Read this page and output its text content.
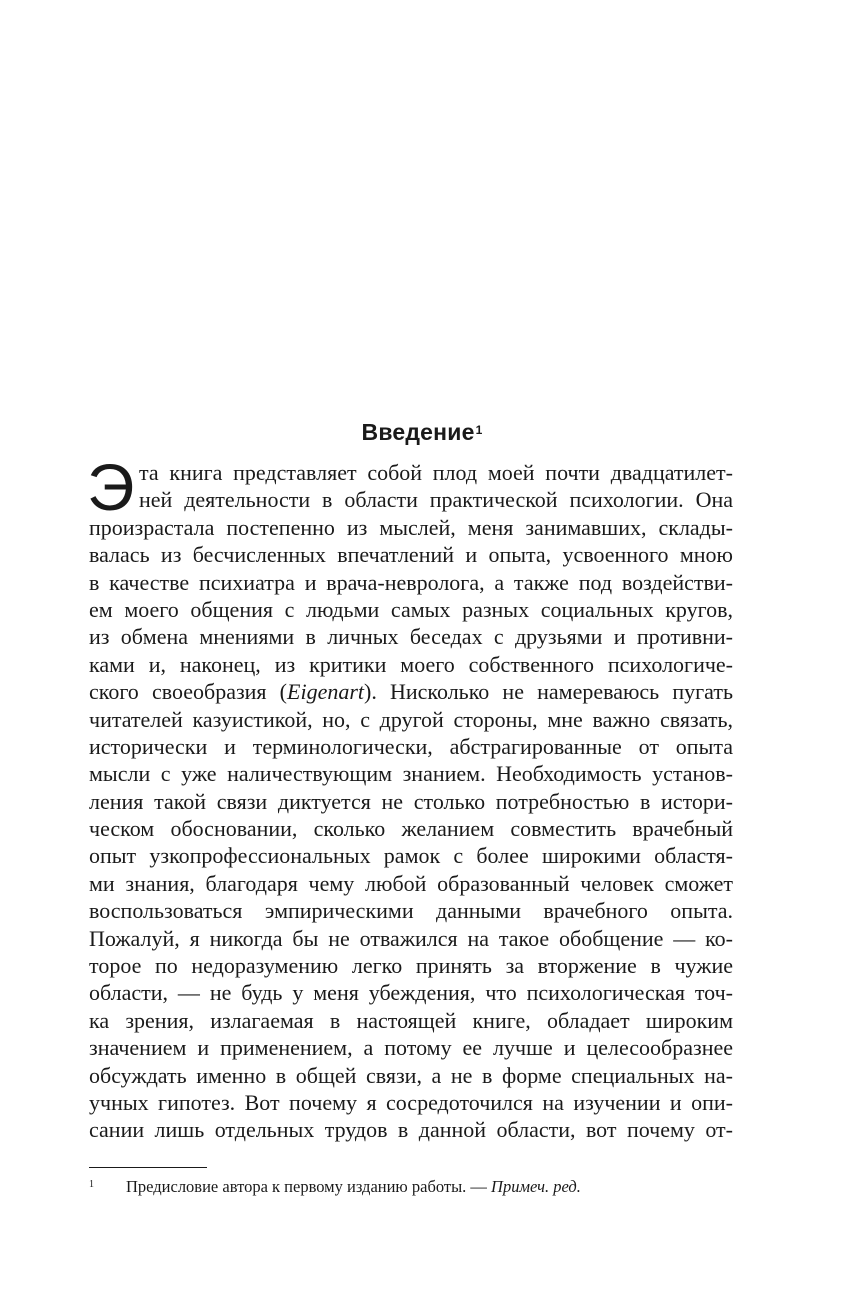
Введение$^1$
Э та книга представляет собой плод моей почти двадцатилет-
ней деятельности в области практической психологии. Она
произрастала постепенно из мыслей, меня занимавших, склады-
валась из бесчисленных впечатлений и опыта, усвоенного мною
в качестве психиатра и врача-невролога, а также под воздействи-
ем моего общения с людьми самых разных социальных кругов,
из обмена мнениями в личных беседах с друзьями и противни-
ками и, наконец, из критики моего собственного психологиче-
ского своеобразия (Eigenart). Нисколько не намереваюсь пугать
читателей казуистикой, но, с другой стороны, мне важно связать,
исторически и терминологически, абстрагированные от опыта
мысли с уже наличествующим знанием. Необходимость установ-
ления такой связи диктуется не столько потребностью в истори-
ческом обосновании, сколько желанием совместить врачебный
опыт узкопрофессиональных рамок с более широкими областя-
ми знания, благодаря чему любой образованный человек сможет
воспользоваться эмпирическими данными врачебного опыта.
Пожалуй, я никогда бы не отважился на такое обобщение — ко-
торое по недоразумению легко принять за вторжение в чужие
области, — не будь у меня убеждения, что психологическая точ-
ка зрения, излагаемая в настоящей книге, обладает широким
значением и применением, а потому ее лучше и целесообразнее
обсуждать именно в общей связи, а не в форме специальных на-
учных гипотез. Вот почему я сосредоточился на изучении и опи-
сании лишь отдельных трудов в данной области, вот почему от-
1 Предисловие автора к первому изданию работы. — Примеч. ред.
